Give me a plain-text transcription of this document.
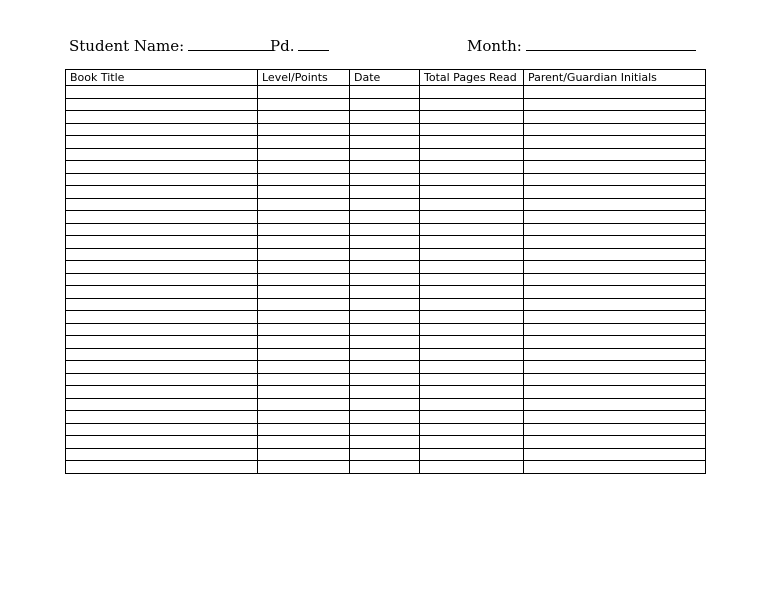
Student Name:	Pd.	Month:
Book Title	Level/Points	Date	Total Pages Read	Parent/Guardian Initials
